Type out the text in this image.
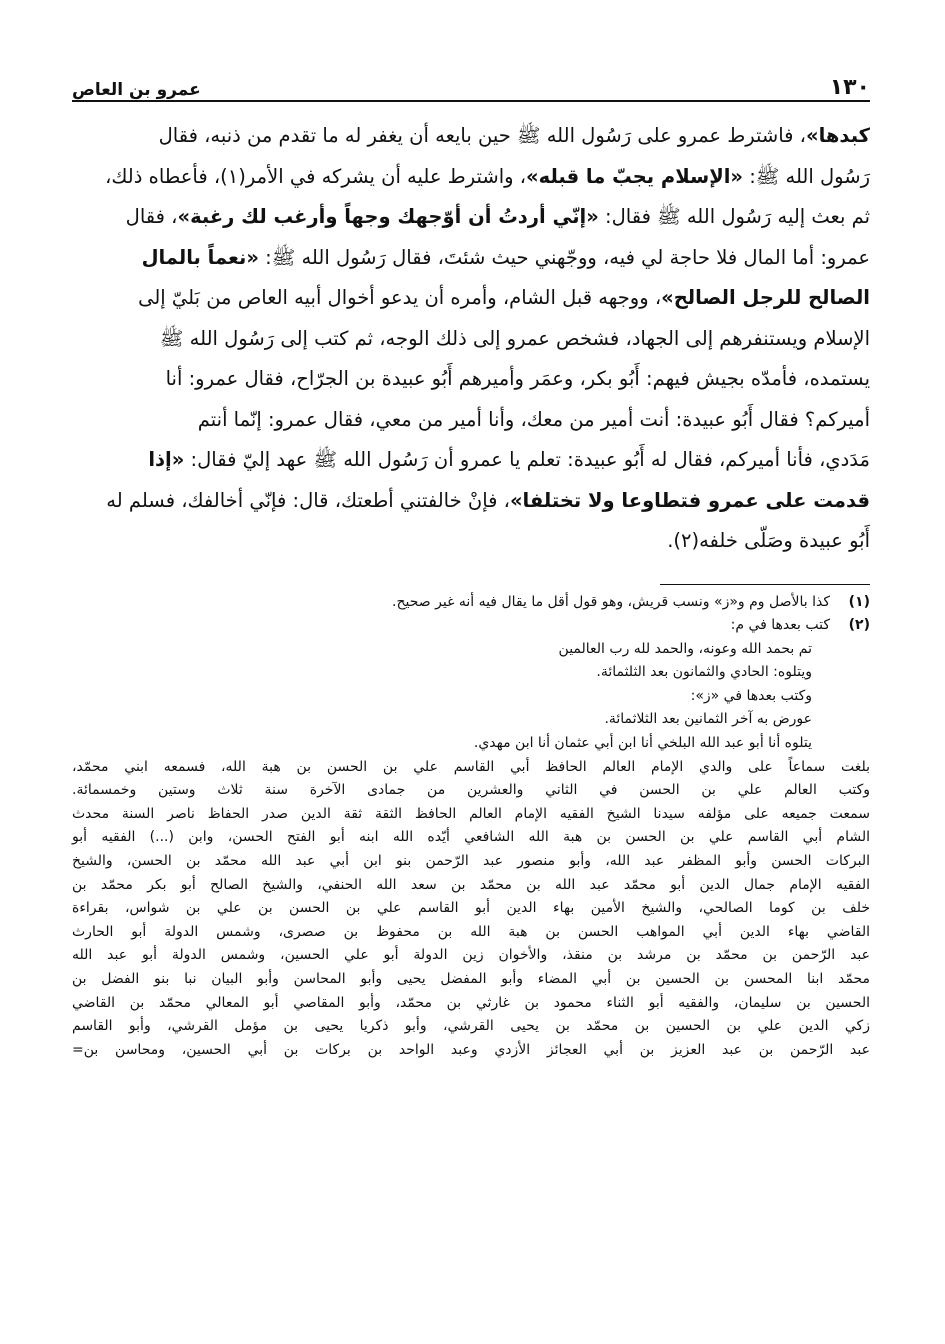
١٣٠
عمرو بن العاص

كبدها»، فاشترط عمرو على رَسُول الله ﷺ حين بايعه أن يغفر له ما تقدم من ذنبه، فقال

رَسُول الله ﷺ: «الإسلام يجبّ ما قبله»، واشترط عليه أن يشركه في الأمر(١)، فأعطاه ذلك،

ثم بعث إليه رَسُول الله ﷺ فقال: «إنّي أردتُ أن أوّجهك وجهاً وأرغب لك رغبة»، فقال

عمرو: أما المال فلا حاجة لي فيه، ووجّهني حيث شئتَ، فقال رَسُول الله ﷺ: «نعماً بالمال

الصالح للرجل الصالح»، ووجهه قبل الشام، وأمره أن يدعو أخوال أبيه العاص من بَليّ إلى

الإسلام ويستنفرهم إلى الجهاد، فشخص عمرو إلى ذلك الوجه، ثم كتب إلى رَسُول الله ﷺ

يستمده، فأمدّه بجيش فيهم: أَبُو بكر، وعمَر وأميرهم أَبُو عبيدة بن الجرّاح، فقال عمرو: أنا

أميركم؟ فقال أَبُو عبيدة: أنت أمير من معك، وأنا أمير من معي، فقال عمرو: إنّما أنتم

مَدَدي، فأنا أميركم، فقال له أَبُو عبيدة: تعلم يا عمرو أن رَسُول الله ﷺ عهد إليّ فقال: «إذا

قدمت على عمرو فتطاوعا ولا تختلفا»، فإنْ خالفتني أطعتك، قال: فإنّي أخالفك، فسلم له

أَبُو عبيدة وصَلّى خلفه(٢).

(١)
كذا بالأصل وم و«ز» ونسب قريش، وهو قول أقل ما يقال فيه أنه غير صحيح.
(٢)
كتب بعدها في م:
تم بحمد الله وعونه، والحمد لله رب العالمين
ويتلوه: الحادي والثمانون بعد الثلثمائة.
وكتب بعدها في «ز»:
عورض به آخر الثمانين بعد الثلاثمائة.
يتلوه أنا أبو عبد الله البلخي أنا ابن أبي عثمان أنا ابن مهدي.
بلغت سماعاً على والدي الإمام العالم الحافظ أبي القاسم علي بن الحسن بن هبة الله، فسمعه ابني محمّد،
وكتب العالم علي بن الحسن في الثاني والعشرين من جمادى الآخرة سنة ثلاث وستين وخمسمائة.
سمعت جميعه على مؤلفه سيدنا الشيخ الفقيه الإمام العالم الحافظ الثقة ثقة الدين صدر الحفاظ ناصر السنة محدث
الشام أبي القاسم علي بن الحسن بن هبة الله الشافعي أيّده الله ابنه أبو الفتح الحسن، وابن (...) الفقيه أبو
البركات الحسن وأبو المظفر عبد الله، وأبو منصور عبد الرّحمن بنو ابن أبي عبد الله محمّد بن الحسن، والشيخ
الفقيه الإمام جمال الدين أبو محمّد عبد الله بن محمّد بن سعد الله الحنفي، والشيخ الصالح أبو بكر محمّد بن
خلف بن كوما الصالحي، والشيخ الأمين بهاء الدين أبو القاسم علي بن الحسن بن علي بن شواس، بقراءة
القاضي بهاء الدين أبي المواهب الحسن بن هبة الله بن محفوظ بن صصرى، وشمس الدولة أبو الحارث
عبد الرّحمن بن محمّد بن مرشد بن منقذ، والأخوان زين الدولة أبو علي الحسين، وشمس الدولة أبو عبد الله
محمّد ابنا المحسن بن الحسين بن أبي المضاء وأبو المفضل يحيى وأبو المحاسن وأبو البيان نبا بنو الفضل بن
الحسين بن سليمان، والفقيه أبو الثناء محمود بن غارثي بن محمّد، وأبو المقاصي أبو المعالي محمّد بن القاضي
زكي الدين علي بن الحسين بن محمّد بن يحيى القرشي، وأبو ذكريا يحيى بن مؤمل القرشي، وأبو القاسم
عبد الرّحمن بن عبد العزيز بن أبي العجائز الأزدي وعبد الواحد بن بركات بن أبي الحسين، ومحاسن بن=
